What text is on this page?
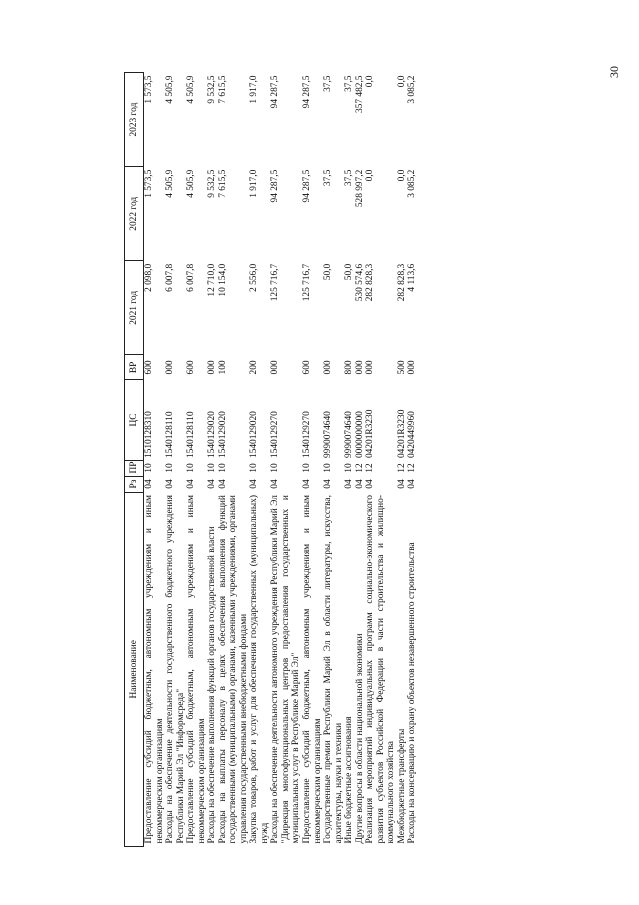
30
Наименование	Рз	ПР	ЦС	ВР	2021 год	2022 год	2023 год
Предоставление субсидий бюджетным, автономным учреждениям и иным некоммерческим организациям	04	10	1510128310	600	2 098,0	1 573,5	1 573,5
Расходы на обеспечение деятельности государственного бюджетного учреждения Республики Марий Эл "Информсреда"	04	10	1540128110	000	6 007,8	4 505,9	4 505,9
Предоставление субсидий бюджетным, автономным учреждениям и иным некоммерческим организациям	04	10	1540128110	600	6 007,8	4 505,9	4 505,9
Расходы на обеспечение выполнения функций органов государственной власти	04	10	1540129020	000	12 710,0	9 532,5	9 532,5
Расходы на выплаты персоналу в целях обеспечения выполнения функций государственными (муниципальными) органами, казенными учреждениями, органами управления государственными внебюджетными фондами	04	10	1540129020	100	10 154,0	7 615,5	7 615,5
Закупка товаров, работ и услуг для обеспечения государственных (муниципальных) нужд	04	10	1540129020	200	2 556,0	1 917,0	1 917,0
Расходы на обеспечение деятельности автономного учреждения Республики Марий Эл "Дирекция многофункциональных центров предоставления государственных и муниципальных услуг в Республике Марий Эл"	04	10	1540129270	000	125 716,7	94 287,5	94 287,5
Предоставление субсидий бюджетным, автономным учреждениям и иным некоммерческим организациям	04	10	1540129270	600	125 716,7	94 287,5	94 287,5
Государственные премии Республики Марий Эл в области литературы, искусства, архитектуры, науки и техники	04	10	9990074640	000	50,0	37,5	37,5
Иные бюджетные ассигнования	04	10	9990074640	800	50,0	37,5	37,5
Другие вопросы в области национальной экономики	04	12	0000000000	000	530 574,6	528 997,2	357 482,5
Реализация мероприятий индивидуальных программ социально-экономического развития субъектов Российской Федерации в части строительства и жилищно-коммунального хозяйства	04	12	04201R3230	000	282 828,3	0,0	0,0
Межбюджетные трансферты	04	12	04201R3230	500	282 828,3	0,0	0,0
Расходы на консервацию и охрану объектов незавершенного строительства	04	12	0420449960	000	4 113,6	3 085,2	3 085,2
